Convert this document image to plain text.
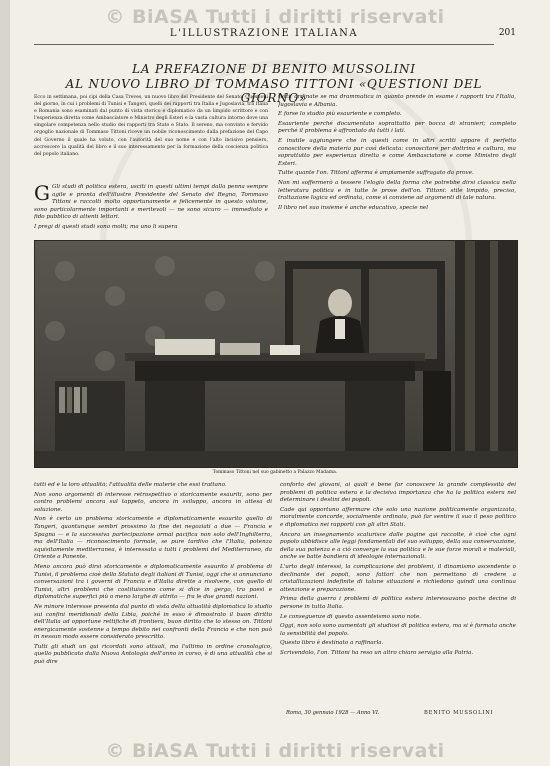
© BiASA Tutti i diritti riservati
L'ILLUSTRAZIONE ITALIANA	201
LA PREFAZIONE DI BENITO MUSSOLINI
AL NUOVO LIBRO DI TOMMASO TITTONI «QUESTIONI DEL GIORNO»

Ecco in settimana, poi cipi della Casa Treves, un nuovo libro del Presidente del Senato: Questioni del giorno, in cui i problemi di Tunisi e Tangeri, quelli dei rapporti tra Italia e Jugoslavia, tra Italia e Romania sono esaminati dal punto di vista storico e diplomatico da un limpido scrittore e con l'esperienza diretta come Ambasciatore e Ministro degli Esteri e la vasta cultura intorno dove una singolare competenza nello studio dei rapporti tra Stato e Stato. Il sereno, ma convinto e fervido orgoglio nazionale di Tommaso Tittoni riceve un nobile riconoscimento dalla prefazione del Capo del Governo il quale ha voluto, con l'autorità del suo nome e con l'alto incisivo pensiero, accrescere la qualità del libro e il suo interessamento per la formazione della coscienza politica del popolo italiano.

G Gli studi di politica estera, usciti in questi ultimi tempi dalla penna sempre agile e pronta dell'illustre Presidente del Senato del Regno, Tommaso Tittoni e raccolti molto opportunamente e felicemente in questo volume, sono particolarmente importanti e meritevoli — ne sono sicuro — immediato e fido pubblico di attenti lettori.

I pregi di questi studi sono molti; ma uno li supera

tutti: ordinate se ma drammatica in quanto prende in esame i rapporti tra l'Italia, Jugoslavia e Albania.

E forse lo studio più esauriente e completo.

Esauriente perché documentato soprattutto per bocca di stranieri; completo perché il problema è affrontato da tutti i lati.

E inutile aggiungere che in questi come in altri scritti appare il perfetto conoscitore della materia pur così delicata: conoscitore per dottrina e cultura, ma soprattutto per esperienza diretta e come Ambasciatore e come Ministro degli Esteri.

Tutte quante l'on. Tittoni afferma è ampiamente suffragato da prove.

Non mi soffermerò a tessere l'elogio della forma che potrebbe dirsi classica nella letteratura politica e in tutte le prose dell'on. Tittoni: stile limpido, preciso, trattazione logica ed ordinata, come si conviene ad argomenti di tale natura.

Il libro nel suo insieme è anche educativo, specie nel

Tommaso Tittoni nel suo gabinetto a Palazzo Madama.

tutti ed è la loro attualità; l'attualità delle materie che essi trattano.

Non sono argomenti di interesse retrospettivo o storicamente esauriti, sono per contro problemi ancora sul tappeto, ancora in sviluppo, ancora in attesa di soluzione.

Non è certo un problema storicamente e diplomaticamente esaurito quello di Tangeri, quantunque sembri prossimo la fine dei negoziati a due — Francia e Spagna — e la successiva partecipazione ormai pacifica non solo dell'Inghilterra, ma dell'Italia — riconoscimento formale, se pure tardivo che l'Italia, potenza squisitamente mediterranea, è interessata a tutti i problemi del Mediterraneo, da Oriente a Ponente.

Meno ancora può dirsi storicamente e diplomaticamente esaurito il problema di Tunisi, il problema cioè dello Statuto degli italiani di Tunisi, oggi che si annunciano conversazioni tra i governi di Francia e d'Italia dirette a risolvere, con quello di Tunisi, altri problemi che costituiscono come si dice in gergo, tra paesi e diplomatiche superfici più o meno larghe di attrito — fra le due grandi nazioni.

Ne minore interesse presenta dal punto di vista della attualità diplomatica lo studio sui confini meridionali della Libia, poiché in esso è dimostrato il buon diritto dell'Italia ad opportune rettifiche di frontiera, buon diritto che lo stesso on. Tittoni energicamente sostenne a tempo debito nei confronti della Francia e che non può in nessun modo essere considerato prescritto.

Tutti gli studi un qui ricordati sono attuali, ma l'ultimo in ordine cronologico, quello pubblicato dalla Nuova Antologia dell'anno in corso, è di una attualità che si può dire

conforto dei giovani, ai quali è bene far conoscere la grande complessità dei problemi di politica estera e la decisiva importanza che ha la politica estera nel determinare i destini dei popoli.

Cade qui opportuno affermare che solo una nazione politicamente organizzata, moralmente concorde, socialmente ordinata, può far sentire il suo il peso politico e diplomatico nei rapporti con gli altri Stati.

Ancora un insegnamento scaturisce dalle pagine qui raccolte, è cioè che ogni popolo ubbidisce alle leggi fondamentali del suo sviluppo, della sua conservazione, della sua potenza e a ciò converge la sua politica e le sue forze morali e materiali, anche se batte bandiera di ideologie internazionali.

L'urto degli interessi, la complicazione dei problemi, il dinamismo ascendente o declinante dei popoli, sono fattori che non permettono di credere a cristallizzazioni indefinite di talune situazioni e richiedono quindi una continua attenzione e preparazione.

Prima della guerra i problemi di politica estera interessavano poche decine di persone in tutta Italia.

Le conseguenze di questo assenteismo sono note.

Oggi, non solo sono aumentati gli studiosi di politica estera, ma si è formata anche la sensibilità del popolo.

Questo libro è destinato a raffinarla.

Scrivendolo, l'on. Tittoni ha reso un altro chiaro servigio alla Patria.

Roma, 30 gennaio 1928 — Anno VI.	BENITO MUSSOLINI
© BiASA Tutti i diritti riservati
